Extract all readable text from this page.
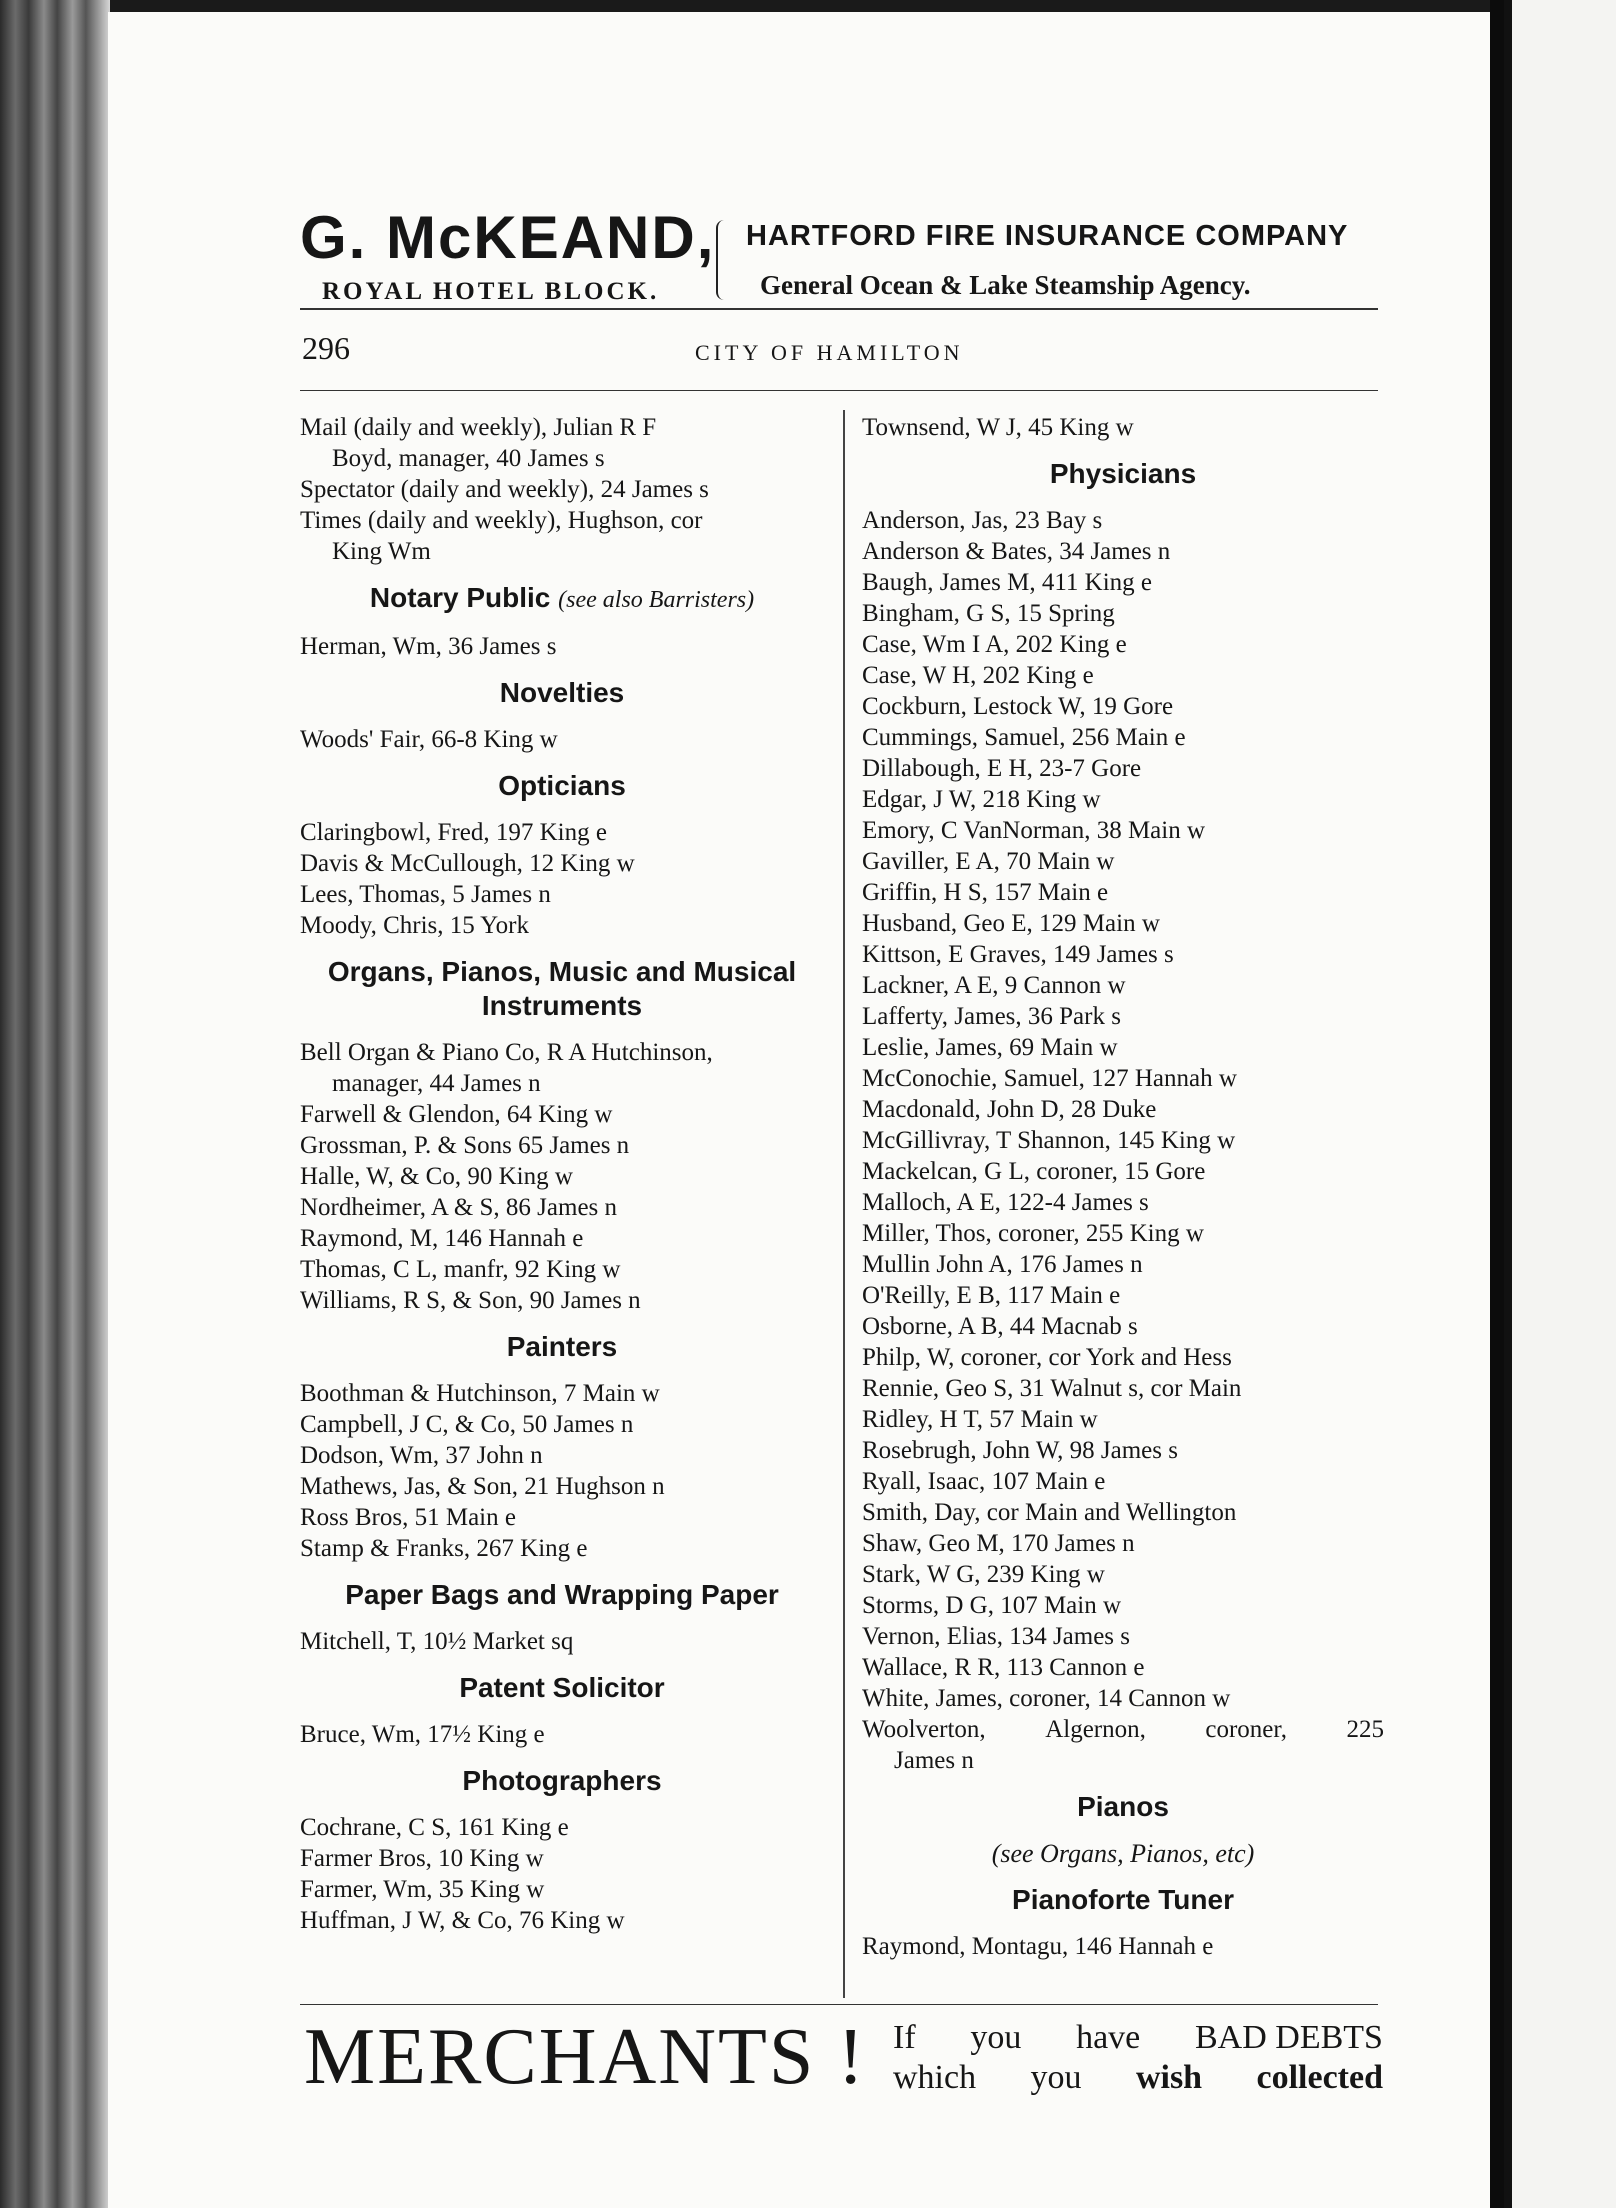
G. McKEAND,
ROYAL HOTEL BLOCK.
HARTFORD FIRE INSURANCE COMPANY
General Ocean & Lake Steamship Agency.
296	CITY OF HAMILTON
Mail (daily and weekly), Julian R F
Boyd, manager, 40 James s
Spectator (daily and weekly), 24 James s
Times (daily and weekly), Hughson, cor
King Wm
Notary Public (see also Barristers)
Herman, Wm, 36 James s
Novelties
Woods' Fair, 66-8 King w
Opticians
Claringbowl, Fred, 197 King e
Davis & McCullough, 12 King w
Lees, Thomas, 5 James n
Moody, Chris, 15 York
Organs, Pianos, Music and Musical
Instruments
Bell Organ & Piano Co, R A Hutchinson,
manager, 44 James n
Farwell & Glendon, 64 King w
Grossman, P. & Sons 65 James n
Halle, W, & Co, 90 King w
Nordheimer, A & S, 86 James n
Raymond, M, 146 Hannah e
Thomas, C L, manfr, 92 King w
Williams, R S, & Son, 90 James n
Painters
Boothman & Hutchinson, 7 Main w
Campbell, J C, & Co, 50 James n
Dodson, Wm, 37 John n
Mathews, Jas, & Son, 21 Hughson n
Ross Bros, 51 Main e
Stamp & Franks, 267 King e
Paper Bags and Wrapping Paper
Mitchell, T, 10½ Market sq
Patent Solicitor
Bruce, Wm, 17½ King e
Photographers
Cochrane, C S, 161 King e
Farmer Bros, 10 King w
Farmer, Wm, 35 King w
Huffman, J W, & Co, 76 King w
Townsend, W J, 45 King w
Physicians
Anderson, Jas, 23 Bay s
Anderson & Bates, 34 James n
Baugh, James M, 411 King e
Bingham, G S, 15 Spring
Case, Wm I A, 202 King e
Case, W H, 202 King e
Cockburn, Lestock W, 19 Gore
Cummings, Samuel, 256 Main e
Dillabough, E H, 23-7 Gore
Edgar, J W, 218 King w
Emory, C VanNorman, 38 Main w
Gaviller, E A, 70 Main w
Griffin, H S, 157 Main e
Husband, Geo E, 129 Main w
Kittson, E Graves, 149 James s
Lackner, A E, 9 Cannon w
Lafferty, James, 36 Park s
Leslie, James, 69 Main w
McConochie, Samuel, 127 Hannah w
Macdonald, John D, 28 Duke
McGillivray, T Shannon, 145 King w
Mackelcan, G L, coroner, 15 Gore
Malloch, A E, 122-4 James s
Miller, Thos, coroner, 255 King w
Mullin John A, 176 James n
O'Reilly, E B, 117 Main e
Osborne, A B, 44 Macnab s
Philp, W, coroner, cor York and Hess
Rennie, Geo S, 31 Walnut s, cor Main
Ridley, H T, 57 Main w
Rosebrugh, John W, 98 James s
Ryall, Isaac, 107 Main e
Smith, Day, cor Main and Wellington
Shaw, Geo M, 170 James n
Stark, W G, 239 King w
Storms, D G, 107 Main w
Vernon, Elias, 134 James s
Wallace, R R, 113 Cannon e
White, James, coroner, 14 Cannon w
Woolverton, Algernon, coroner, 225
James n
Pianos
(see Organs, Pianos, etc)
Pianoforte Tuner
Raymond, Montagu, 146 Hannah e
MERCHANTS ! If you have BAD DEBTS
which you wish collected
